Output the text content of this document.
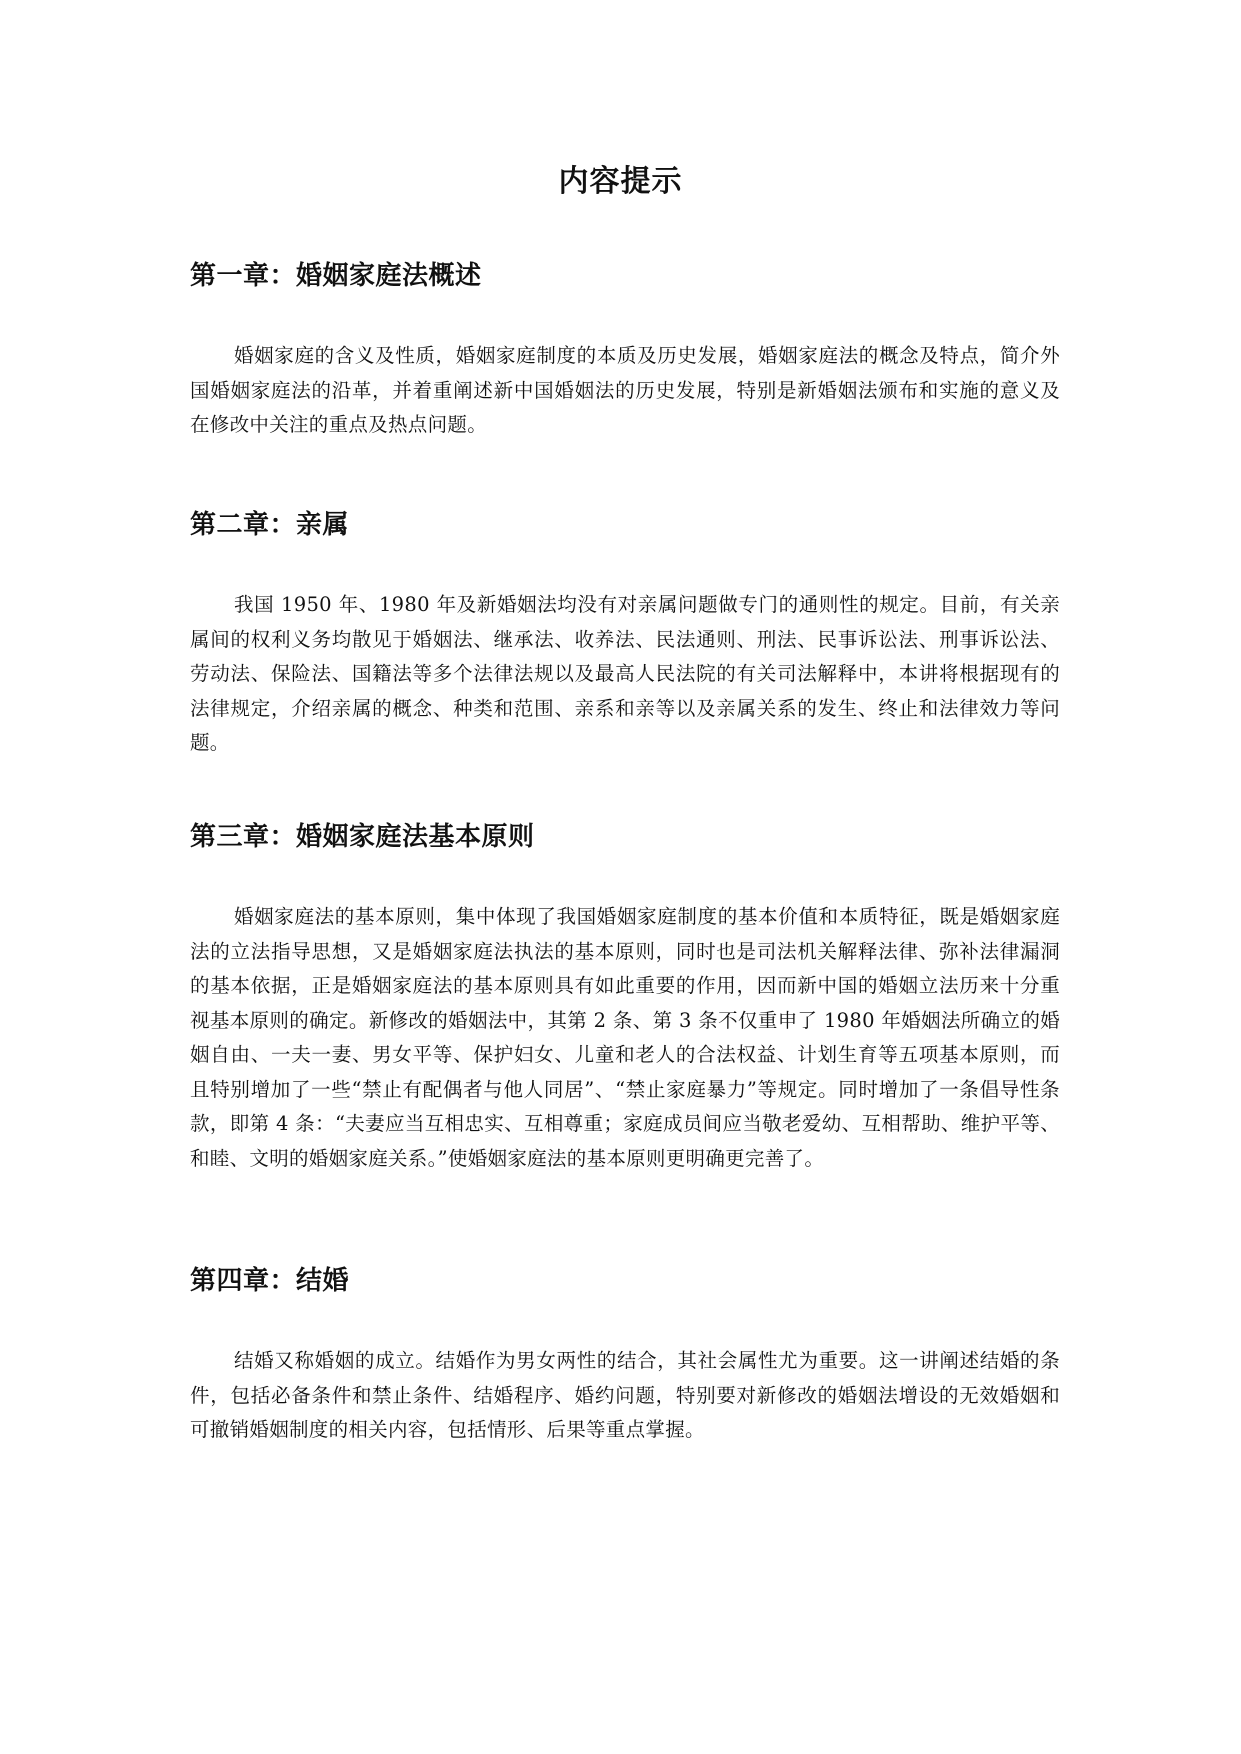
内容提示
第一章：婚姻家庭法概述

婚姻家庭的含义及性质，婚姻家庭制度的本质及历史发展，婚姻家庭法的概念及特点，简介外国婚姻家庭法的沿革，并着重阐述新中国婚姻法的历史发展，特别是新婚姻法颁布和实施的意义及在修改中关注的重点及热点问题。

第二章：亲属

我国 1950 年、1980 年及新婚姻法均没有对亲属问题做专门的通则性的规定。目前，有关亲属间的权利义务均散见于婚姻法、继承法、收养法、民法通则、刑法、民事诉讼法、刑事诉讼法、劳动法、保险法、国籍法等多个法律法规以及最高人民法院的有关司法解释中，本讲将根据现有的法律规定，介绍亲属的概念、种类和范围、亲系和亲等以及亲属关系的发生、终止和法律效力等问题。

第三章：婚姻家庭法基本原则

婚姻家庭法的基本原则，集中体现了我国婚姻家庭制度的基本价值和本质特征，既是婚姻家庭法的立法指导思想，又是婚姻家庭法执法的基本原则，同时也是司法机关解释法律、弥补法律漏洞的基本依据，正是婚姻家庭法的基本原则具有如此重要的作用，因而新中国的婚姻立法历来十分重视基本原则的确定。新修改的婚姻法中，其第 2 条、第 3 条不仅重申了 1980 年婚姻法所确立的婚姻自由、一夫一妻、男女平等、保护妇女、儿童和老人的合法权益、计划生育等五项基本原则，而且特别增加了一些“禁止有配偶者与他人同居”、“禁止家庭暴力”等规定。同时增加了一条倡导性条款，即第 4 条：“夫妻应当互相忠实、互相尊重；家庭成员间应当敬老爱幼、互相帮助、维护平等、和睦、文明的婚姻家庭关系。”使婚姻家庭法的基本原则更明确更完善了。

第四章：结婚

结婚又称婚姻的成立。结婚作为男女两性的结合，其社会属性尤为重要。这一讲阐述结婚的条件，包括必备条件和禁止条件、结婚程序、婚约问题，特别要对新修改的婚姻法增设的无效婚姻和可撤销婚姻制度的相关内容，包括情形、后果等重点掌握。
